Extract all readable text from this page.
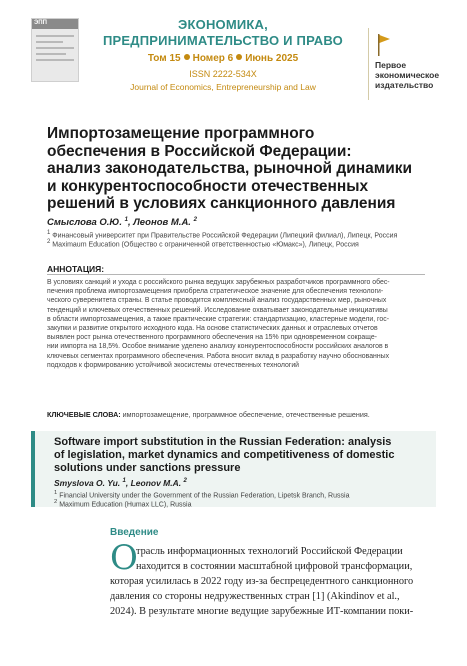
ЭПП	ЭКОНОМИКА,
ПРЕДПРИНИМАТЕЛЬСТВО И ПРАВО
Том 15 Номер 6 Июнь 2025
ISSN 2222-534X
Journal of Economics, Entrepreneurship and Law
Первое
экономическое
издательство
Импортозамещение программного
обеспечения в Российской Федерации:
анализ законодательства, рыночной динамики
и конкурентоспособности отечественных
решений в условиях санкционного давления
Смыслова О.Ю. $^1$, Леонов М.А. $^2$
$^1$ Финансовый университет при Правительстве Российской Федерации (Липецкий филиал), Липецк, Россия
$^2$ Maximaum Education (Общество с ограниченной ответственностью «Юмакс»), Липецк, Россия
АННОТАЦИЯ:
В условиях санкций и ухода с российского рынка ведущих зарубежных разработчиков программного обес-
печения проблема импортозамещения приобрела стратегическое значение для обеспечения технологи-
ческого суверенитета страны. В статье проводится комплексный анализ государственных мер, рыночных
тенденций и ключевых отечественных решений. Исследование охватывает законодательные инициативы
в области импортозамещения, а также практические стратегии: стандартизацию, кластерные модели, гос-
закупки и развитие открытого исходного кода. На основе статистических данных и отраслевых отчетов
выявлен рост рынка отечественного программного обеспечения на 15% при одновременном сокраще-
нии импорта на 18,5%. Особое внимание уделено анализу конкурентоспособности российских аналогов в
ключевых сегментах программного обеспечения. Работа вносит вклад в разработку научно обоснованных
подходов к формированию устойчивой экосистемы отечественных технологий
КЛЮЧЕВЫЕ СЛОВА: импортозамещение, программное обеспечение, отечественные решения.
Software import substitution in the Russian Federation: analysis
of legislation, market dynamics and competitiveness of domestic
solutions under sanctions pressure
Smyslova O. Yu. $^1$, Leonov M.A. $^2$
$^1$ Financial University under the Government of the Russian Federation, Lipetsk Branch, Russia
$^2$ Maximum Education (Humax LLC), Russia
Введение
О
трасль информационных технологий Российской Федерации
находится в состоянии масштабной цифровой трансформации,
которая усилилась в 2022 году из-за беспрецедентного санкционного
давления со стороны недружественных стран [1] (Akindinov et al.,
2024). В результате многие ведущие зарубежные ИТ-компании поки-
